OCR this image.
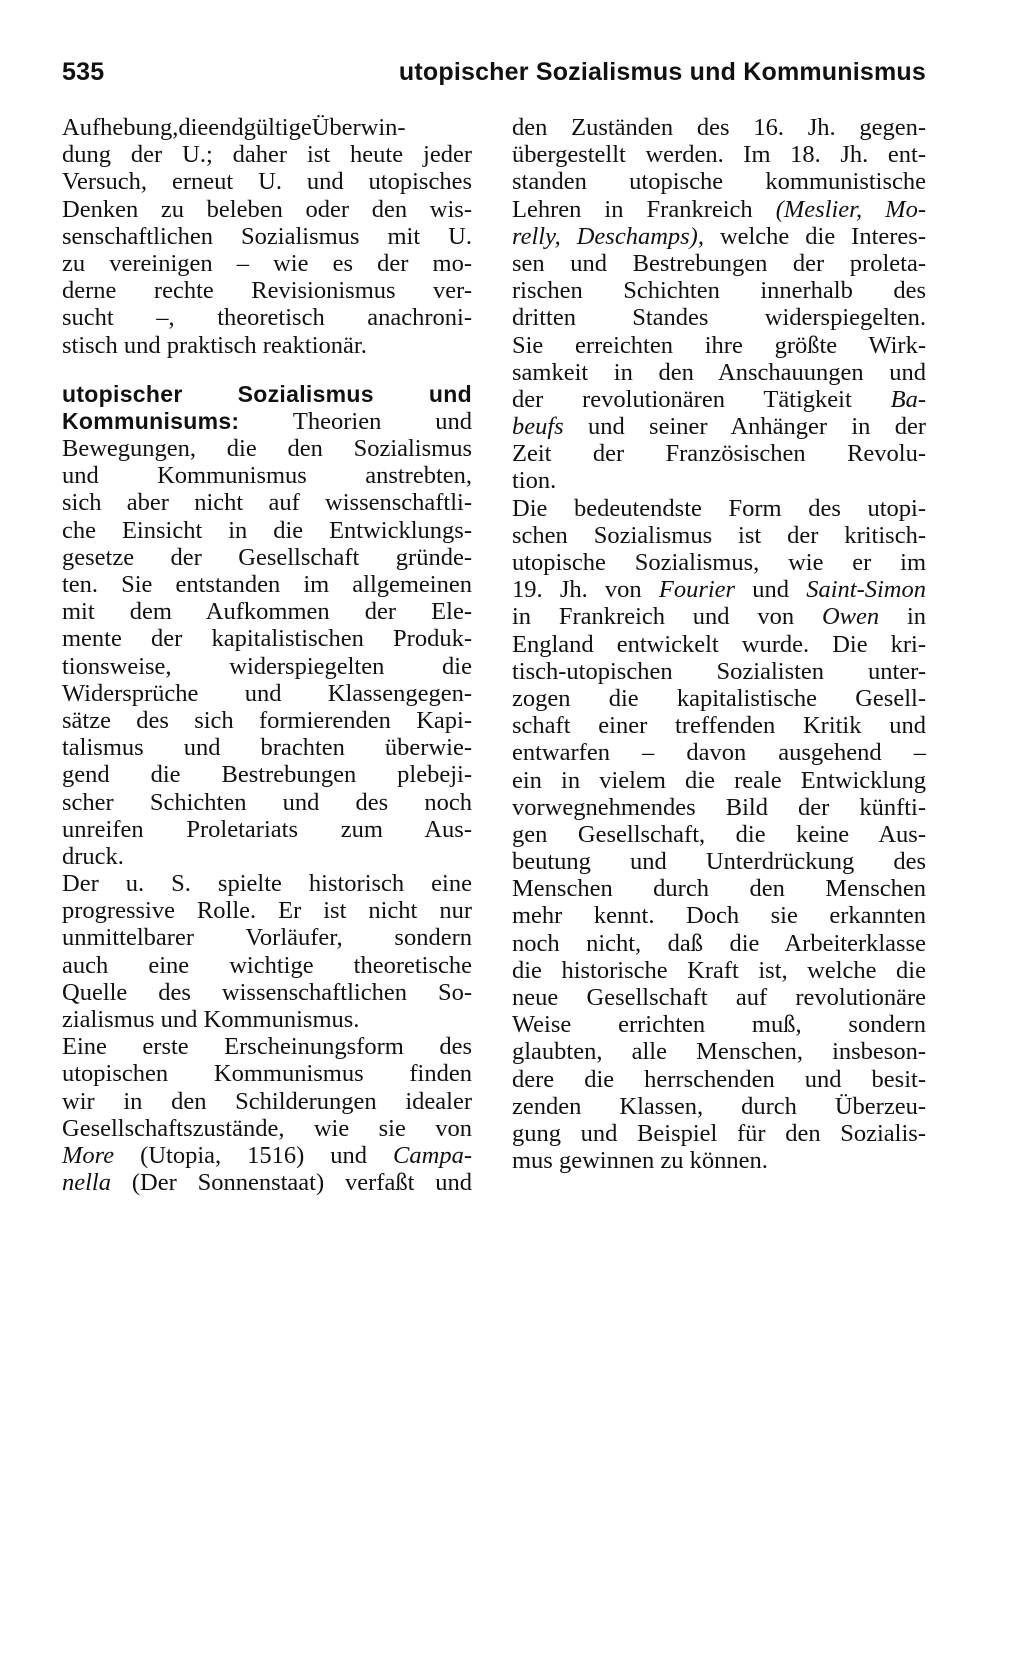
535	utopischer Sozialismus und Kommunismus
Aufhebung,dieendgültigeÜberwin-
dung der U.; daher ist heute jeder
Versuch, erneut U. und utopisches
Denken zu beleben oder den wis-
senschaftlichen Sozialismus mit U.
zu vereinigen – wie es der mo-
derne rechte Revisionismus ver-
sucht –, theoretisch anachroni-
stisch und praktisch reaktionär.
utopischer Sozialismus und
Kommunisums: Theorien und
Bewegungen, die den Sozialismus
und Kommunismus anstrebten,
sich aber nicht auf wissenschaftli-
che Einsicht in die Entwicklungs-
gesetze der Gesellschaft gründe-
ten. Sie entstanden im allgemeinen
mit dem Aufkommen der Ele-
mente der kapitalistischen Produk-
tionsweise, widerspiegelten die
Widersprüche und Klassengegen-
sätze des sich formierenden Kapi-
talismus und brachten überwie-
gend die Bestrebungen plebeji-
scher Schichten und des noch
unreifen Proletariats zum Aus-
druck.
Der u. S. spielte historisch eine
progressive Rolle. Er ist nicht nur
unmittelbarer Vorläufer, sondern
auch eine wichtige theoretische
Quelle des wissenschaftlichen So-
zialismus und Kommunismus.
Eine erste Erscheinungsform des
utopischen Kommunismus finden
wir in den Schilderungen idealer
Gesellschaftszustände, wie sie von
More (Utopia, 1516) und Campa-
nella (Der Sonnenstaat) verfaßt und
den Zuständen des 16. Jh. gegen-
übergestellt werden. Im 18. Jh. ent-
standen utopische kommunistische
Lehren in Frankreich (Meslier, Mo-
relly, Deschamps), welche die Interes-
sen und Bestrebungen der proleta-
rischen Schichten innerhalb des
dritten Standes widerspiegelten.
Sie erreichten ihre größte Wirk-
samkeit in den Anschauungen und
der revolutionären Tätigkeit Ba-
beufs und seiner Anhänger in der
Zeit der Französischen Revolu-
tion.
Die bedeutendste Form des utopi-
schen Sozialismus ist der kritisch-
utopische Sozialismus, wie er im
19. Jh. von Fourier und Saint-Simon
in Frankreich und von Owen in
England entwickelt wurde. Die kri-
tisch-utopischen Sozialisten unter-
zogen die kapitalistische Gesell-
schaft einer treffenden Kritik und
entwarfen – davon ausgehend –
ein in vielem die reale Entwicklung
vorwegnehmendes Bild der künfti-
gen Gesellschaft, die keine Aus-
beutung und Unterdrückung des
Menschen durch den Menschen
mehr kennt. Doch sie erkannten
noch nicht, daß die Arbeiterklasse
die historische Kraft ist, welche die
neue Gesellschaft auf revolutionäre
Weise errichten muß, sondern
glaubten, alle Menschen, insbeson-
dere die herrschenden und besit-
zenden Klassen, durch Überzeu-
gung und Beispiel für den Sozialis-
mus gewinnen zu können.
